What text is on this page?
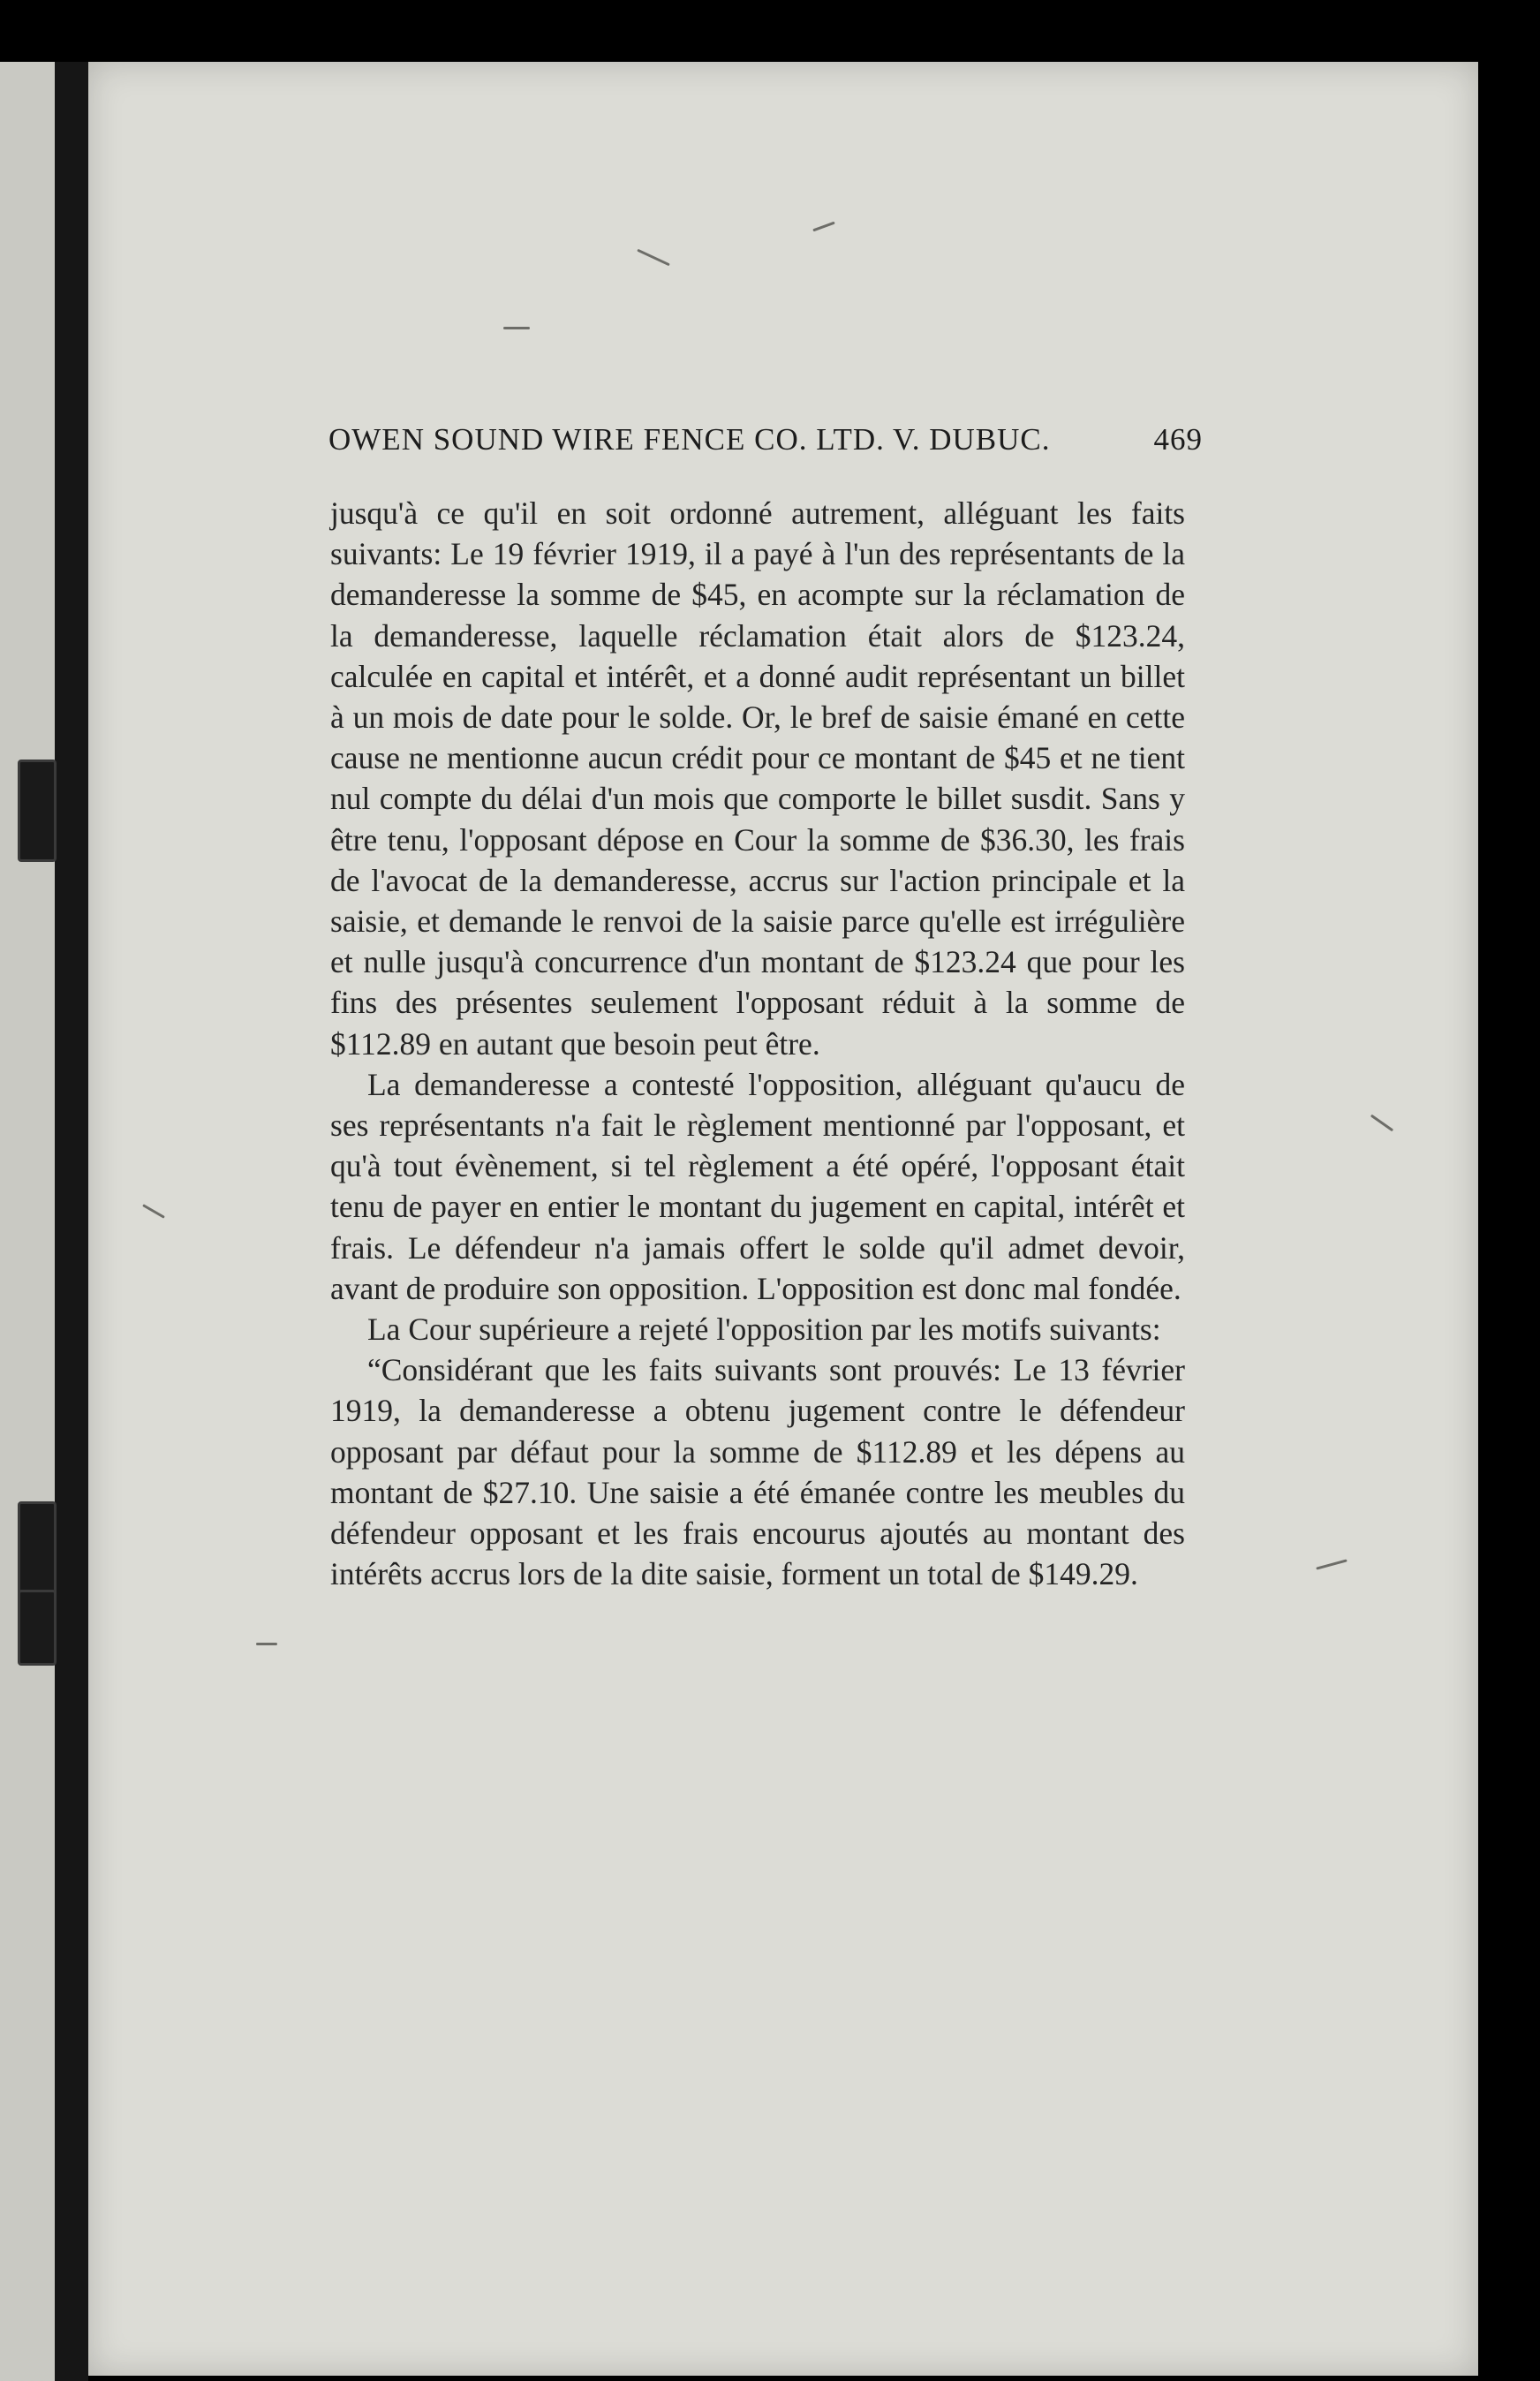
OWEN SOUND WIRE FENCE CO. LTD. V. DUBUC.	469

jusqu'à ce qu'il en soit ordonné autrement, alléguant les faits suivants: Le 19 février 1919, il a payé à l'un des représentants de la demanderesse la somme de $45, en acompte sur la réclamation de la demanderesse, laquelle réclamation était alors de $123.24, calculée en capital et intérêt, et a donné audit représentant un billet à un mois de date pour le solde. Or, le bref de saisie émané en cette cause ne mentionne aucun crédit pour ce montant de $45 et ne tient nul compte du délai d'un mois que comporte le billet susdit. Sans y être tenu, l'opposant dépose en Cour la somme de $36.30, les frais de l'avocat de la demanderesse, accrus sur l'action principale et la saisie, et demande le renvoi de la saisie parce qu'elle est irrégulière et nulle jusqu'à concurrence d'un montant de $123.24 que pour les fins des présentes seulement l'opposant réduit à la somme de $112.89 en autant que besoin peut être.

La demanderesse a contesté l'opposition, alléguant qu'aucu de ses représentants n'a fait le règlement mentionné par l'opposant, et qu'à tout évènement, si tel règlement a été opéré, l'opposant était tenu de payer en entier le montant du jugement en capital, intérêt et frais. Le défendeur n'a jamais offert le solde qu'il admet devoir, avant de produire son opposition. L'opposition est donc mal fondée.

La Cour supérieure a rejeté l'opposition par les motifs suivants:

“Considérant que les faits suivants sont prouvés: Le 13 février 1919, la demanderesse a obtenu jugement contre le défendeur opposant par défaut pour la somme de $112.89 et les dépens au montant de $27.10. Une saisie a été émanée contre les meubles du défendeur opposant et les frais encourus ajoutés au montant des intérêts accrus lors de la dite saisie, forment un total de $149.29.
